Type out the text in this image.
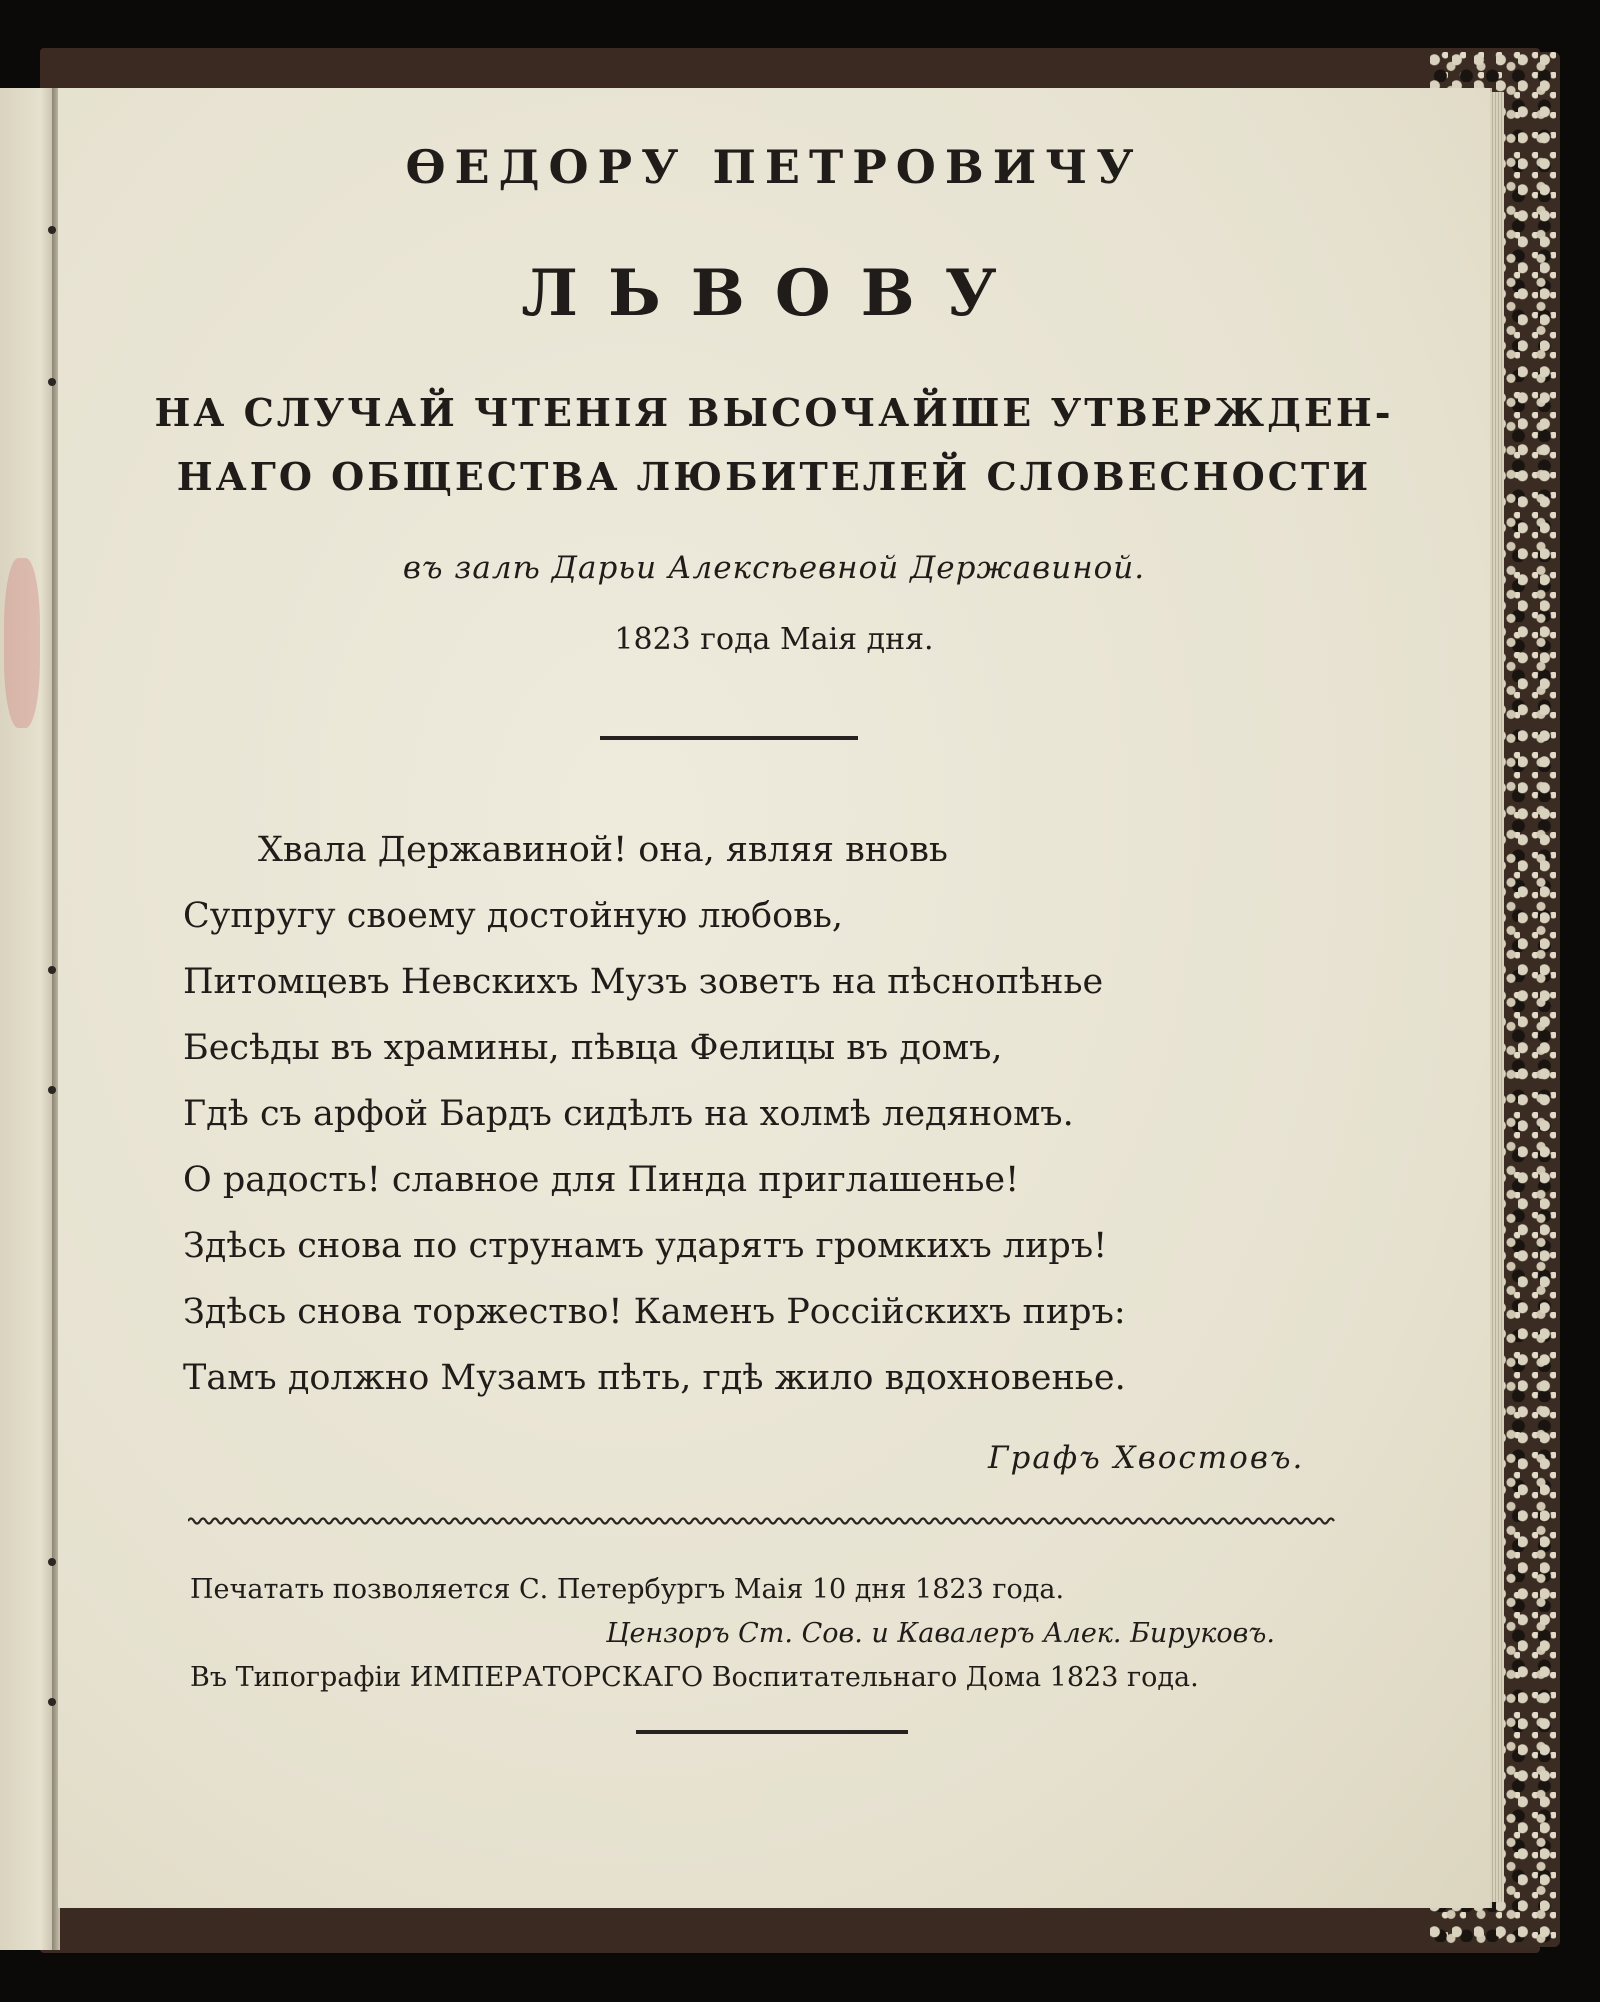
ѲЕДОРУ ПЕТРОВИЧУ
ЛЬВОВУ
НА СЛУЧАЙ ЧТЕНІЯ ВЫСОЧАЙШЕ УТВЕРЖДЕН-
НАГО ОБЩЕСТВА ЛЮБИТЕЛЕЙ СЛОВЕСНОСТИ
въ залѣ Дарьи Алексѣевной Державиной.
1823 года Маія дня.
Хвала Державиной! она, являя вновь
Супругу своему достойную любовь,
Питомцевъ Невскихъ Музъ зоветъ на пѣснопѣнье
Бесѣды въ храмины, пѣвца Фелицы въ домъ,
Гдѣ съ арфой Бардъ сидѣлъ на холмѣ ледяномъ.
О радость! славное для Пинда приглашенье!
Здѣсь снова по струнамъ ударятъ громкихъ лиръ!
Здѣсь снова торжество! Каменъ Россійскихъ пиръ:
Тамъ должно Музамъ пѣть, гдѣ жило вдохновенье.
Графъ Хвостовъ.
Печатать позволяется С. Петербургъ Маія 10 дня 1823 года.
Цензоръ Ст. Сов. и Кавалеръ Алек. Бируковъ.
Въ Типографіи ИМПЕРАТОРСКАГО Воспитательнаго Дома 1823 года.
